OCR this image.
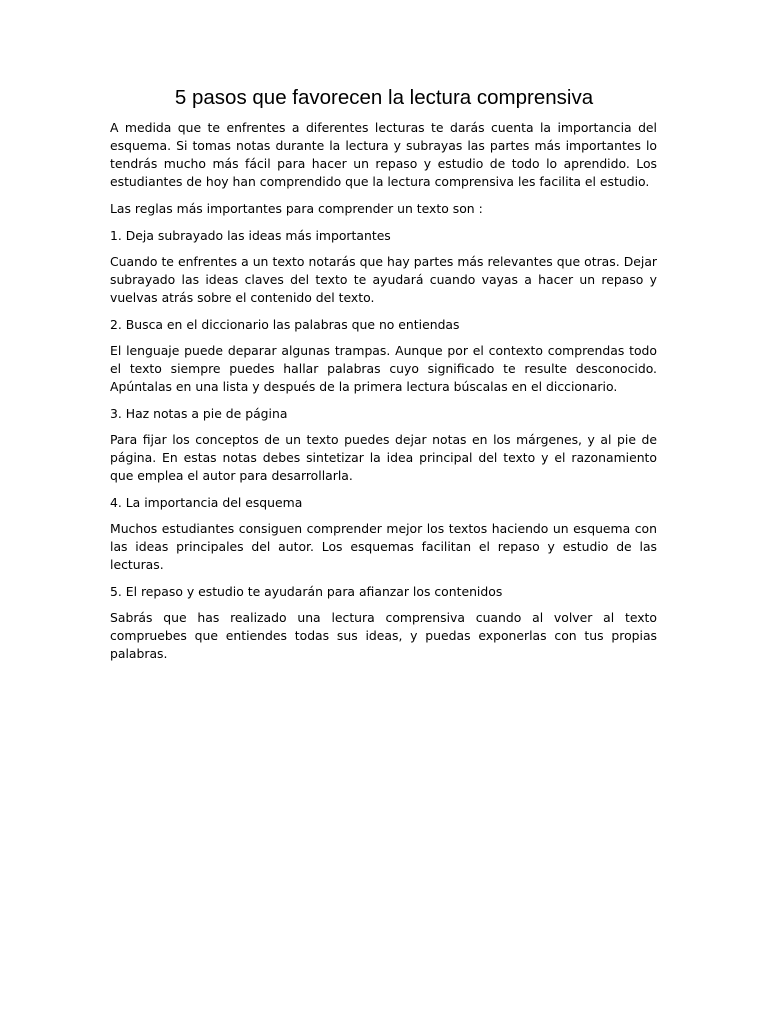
5 pasos que favorecen la lectura comprensiva

A medida que te enfrentes a diferentes lecturas te darás cuenta la importancia del esquema. Si tomas notas durante la lectura y subrayas las partes más importantes lo tendrás mucho más fácil para hacer un repaso y estudio de todo lo aprendido. Los estudiantes de hoy han comprendido que la lectura comprensiva les facilita el estudio.

Las reglas más importantes para comprender un texto son :

1. Deja subrayado las ideas más importantes

Cuando te enfrentes a un texto notarás que hay partes más relevantes que otras. Dejar subrayado las ideas claves del texto te ayudará cuando vayas a hacer un repaso y vuelvas atrás sobre el contenido del texto.

2. Busca en el diccionario las palabras que no entiendas

El lenguaje puede deparar algunas trampas. Aunque por el contexto comprendas todo el texto siempre puedes hallar palabras cuyo significado te resulte desconocido. Apúntalas en una lista y después de la primera lectura búscalas en el diccionario.

3. Haz notas a pie de página

Para fijar los conceptos de un texto puedes dejar notas en los márgenes, y al pie de página. En estas notas debes sintetizar la idea principal del texto y el razonamiento que emplea el autor para desarrollarla.

4. La importancia del esquema

Muchos estudiantes consiguen comprender mejor los textos haciendo un esquema con las ideas principales del autor. Los esquemas facilitan el repaso y estudio de las lecturas.

5. El repaso y estudio te ayudarán para afianzar los contenidos

Sabrás que has realizado una lectura comprensiva cuando al volver al texto compruebes que entiendes todas sus ideas, y puedas exponerlas con tus propias palabras.
